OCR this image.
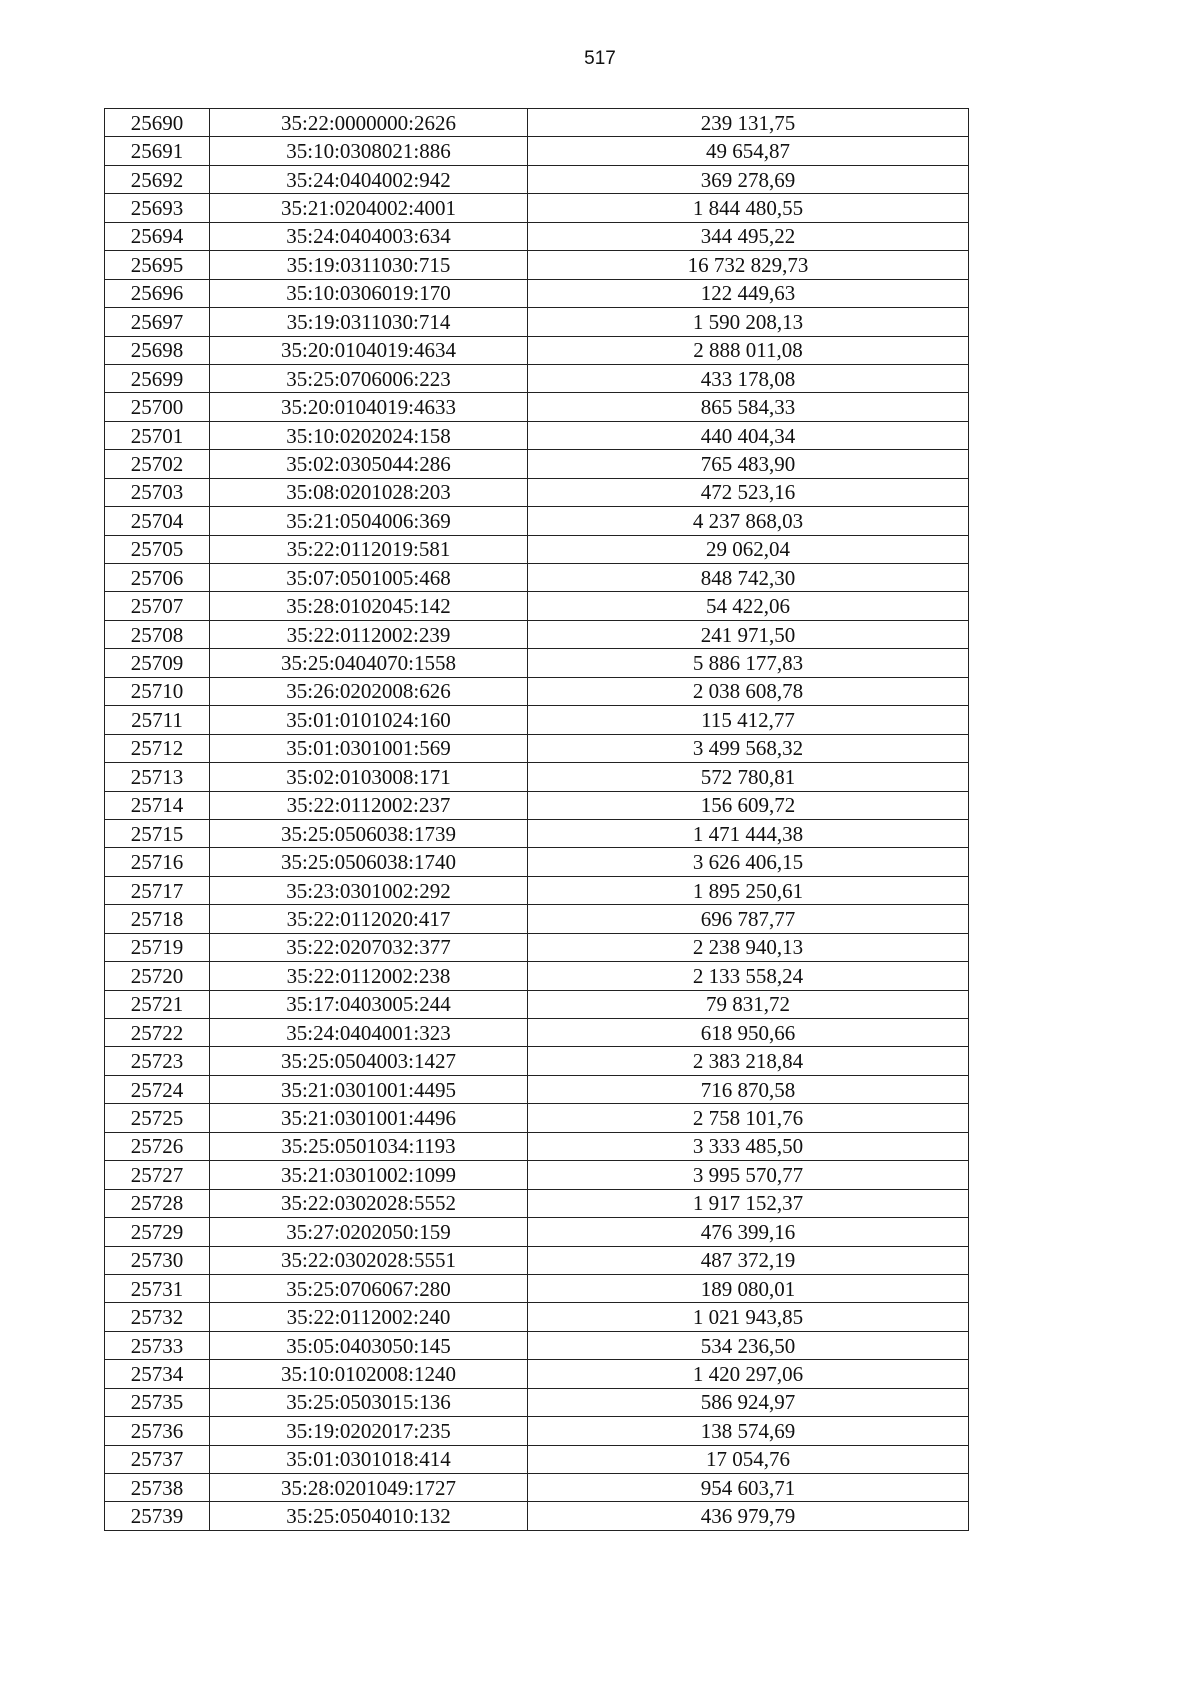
517
25690	35:22:0000000:2626	239 131,75
25691	35:10:0308021:886	49 654,87
25692	35:24:0404002:942	369 278,69
25693	35:21:0204002:4001	1 844 480,55
25694	35:24:0404003:634	344 495,22
25695	35:19:0311030:715	16 732 829,73
25696	35:10:0306019:170	122 449,63
25697	35:19:0311030:714	1 590 208,13
25698	35:20:0104019:4634	2 888 011,08
25699	35:25:0706006:223	433 178,08
25700	35:20:0104019:4633	865 584,33
25701	35:10:0202024:158	440 404,34
25702	35:02:0305044:286	765 483,90
25703	35:08:0201028:203	472 523,16
25704	35:21:0504006:369	4 237 868,03
25705	35:22:0112019:581	29 062,04
25706	35:07:0501005:468	848 742,30
25707	35:28:0102045:142	54 422,06
25708	35:22:0112002:239	241 971,50
25709	35:25:0404070:1558	5 886 177,83
25710	35:26:0202008:626	2 038 608,78
25711	35:01:0101024:160	115 412,77
25712	35:01:0301001:569	3 499 568,32
25713	35:02:0103008:171	572 780,81
25714	35:22:0112002:237	156 609,72
25715	35:25:0506038:1739	1 471 444,38
25716	35:25:0506038:1740	3 626 406,15
25717	35:23:0301002:292	1 895 250,61
25718	35:22:0112020:417	696 787,77
25719	35:22:0207032:377	2 238 940,13
25720	35:22:0112002:238	2 133 558,24
25721	35:17:0403005:244	79 831,72
25722	35:24:0404001:323	618 950,66
25723	35:25:0504003:1427	2 383 218,84
25724	35:21:0301001:4495	716 870,58
25725	35:21:0301001:4496	2 758 101,76
25726	35:25:0501034:1193	3 333 485,50
25727	35:21:0301002:1099	3 995 570,77
25728	35:22:0302028:5552	1 917 152,37
25729	35:27:0202050:159	476 399,16
25730	35:22:0302028:5551	487 372,19
25731	35:25:0706067:280	189 080,01
25732	35:22:0112002:240	1 021 943,85
25733	35:05:0403050:145	534 236,50
25734	35:10:0102008:1240	1 420 297,06
25735	35:25:0503015:136	586 924,97
25736	35:19:0202017:235	138 574,69
25737	35:01:0301018:414	17 054,76
25738	35:28:0201049:1727	954 603,71
25739	35:25:0504010:132	436 979,79
